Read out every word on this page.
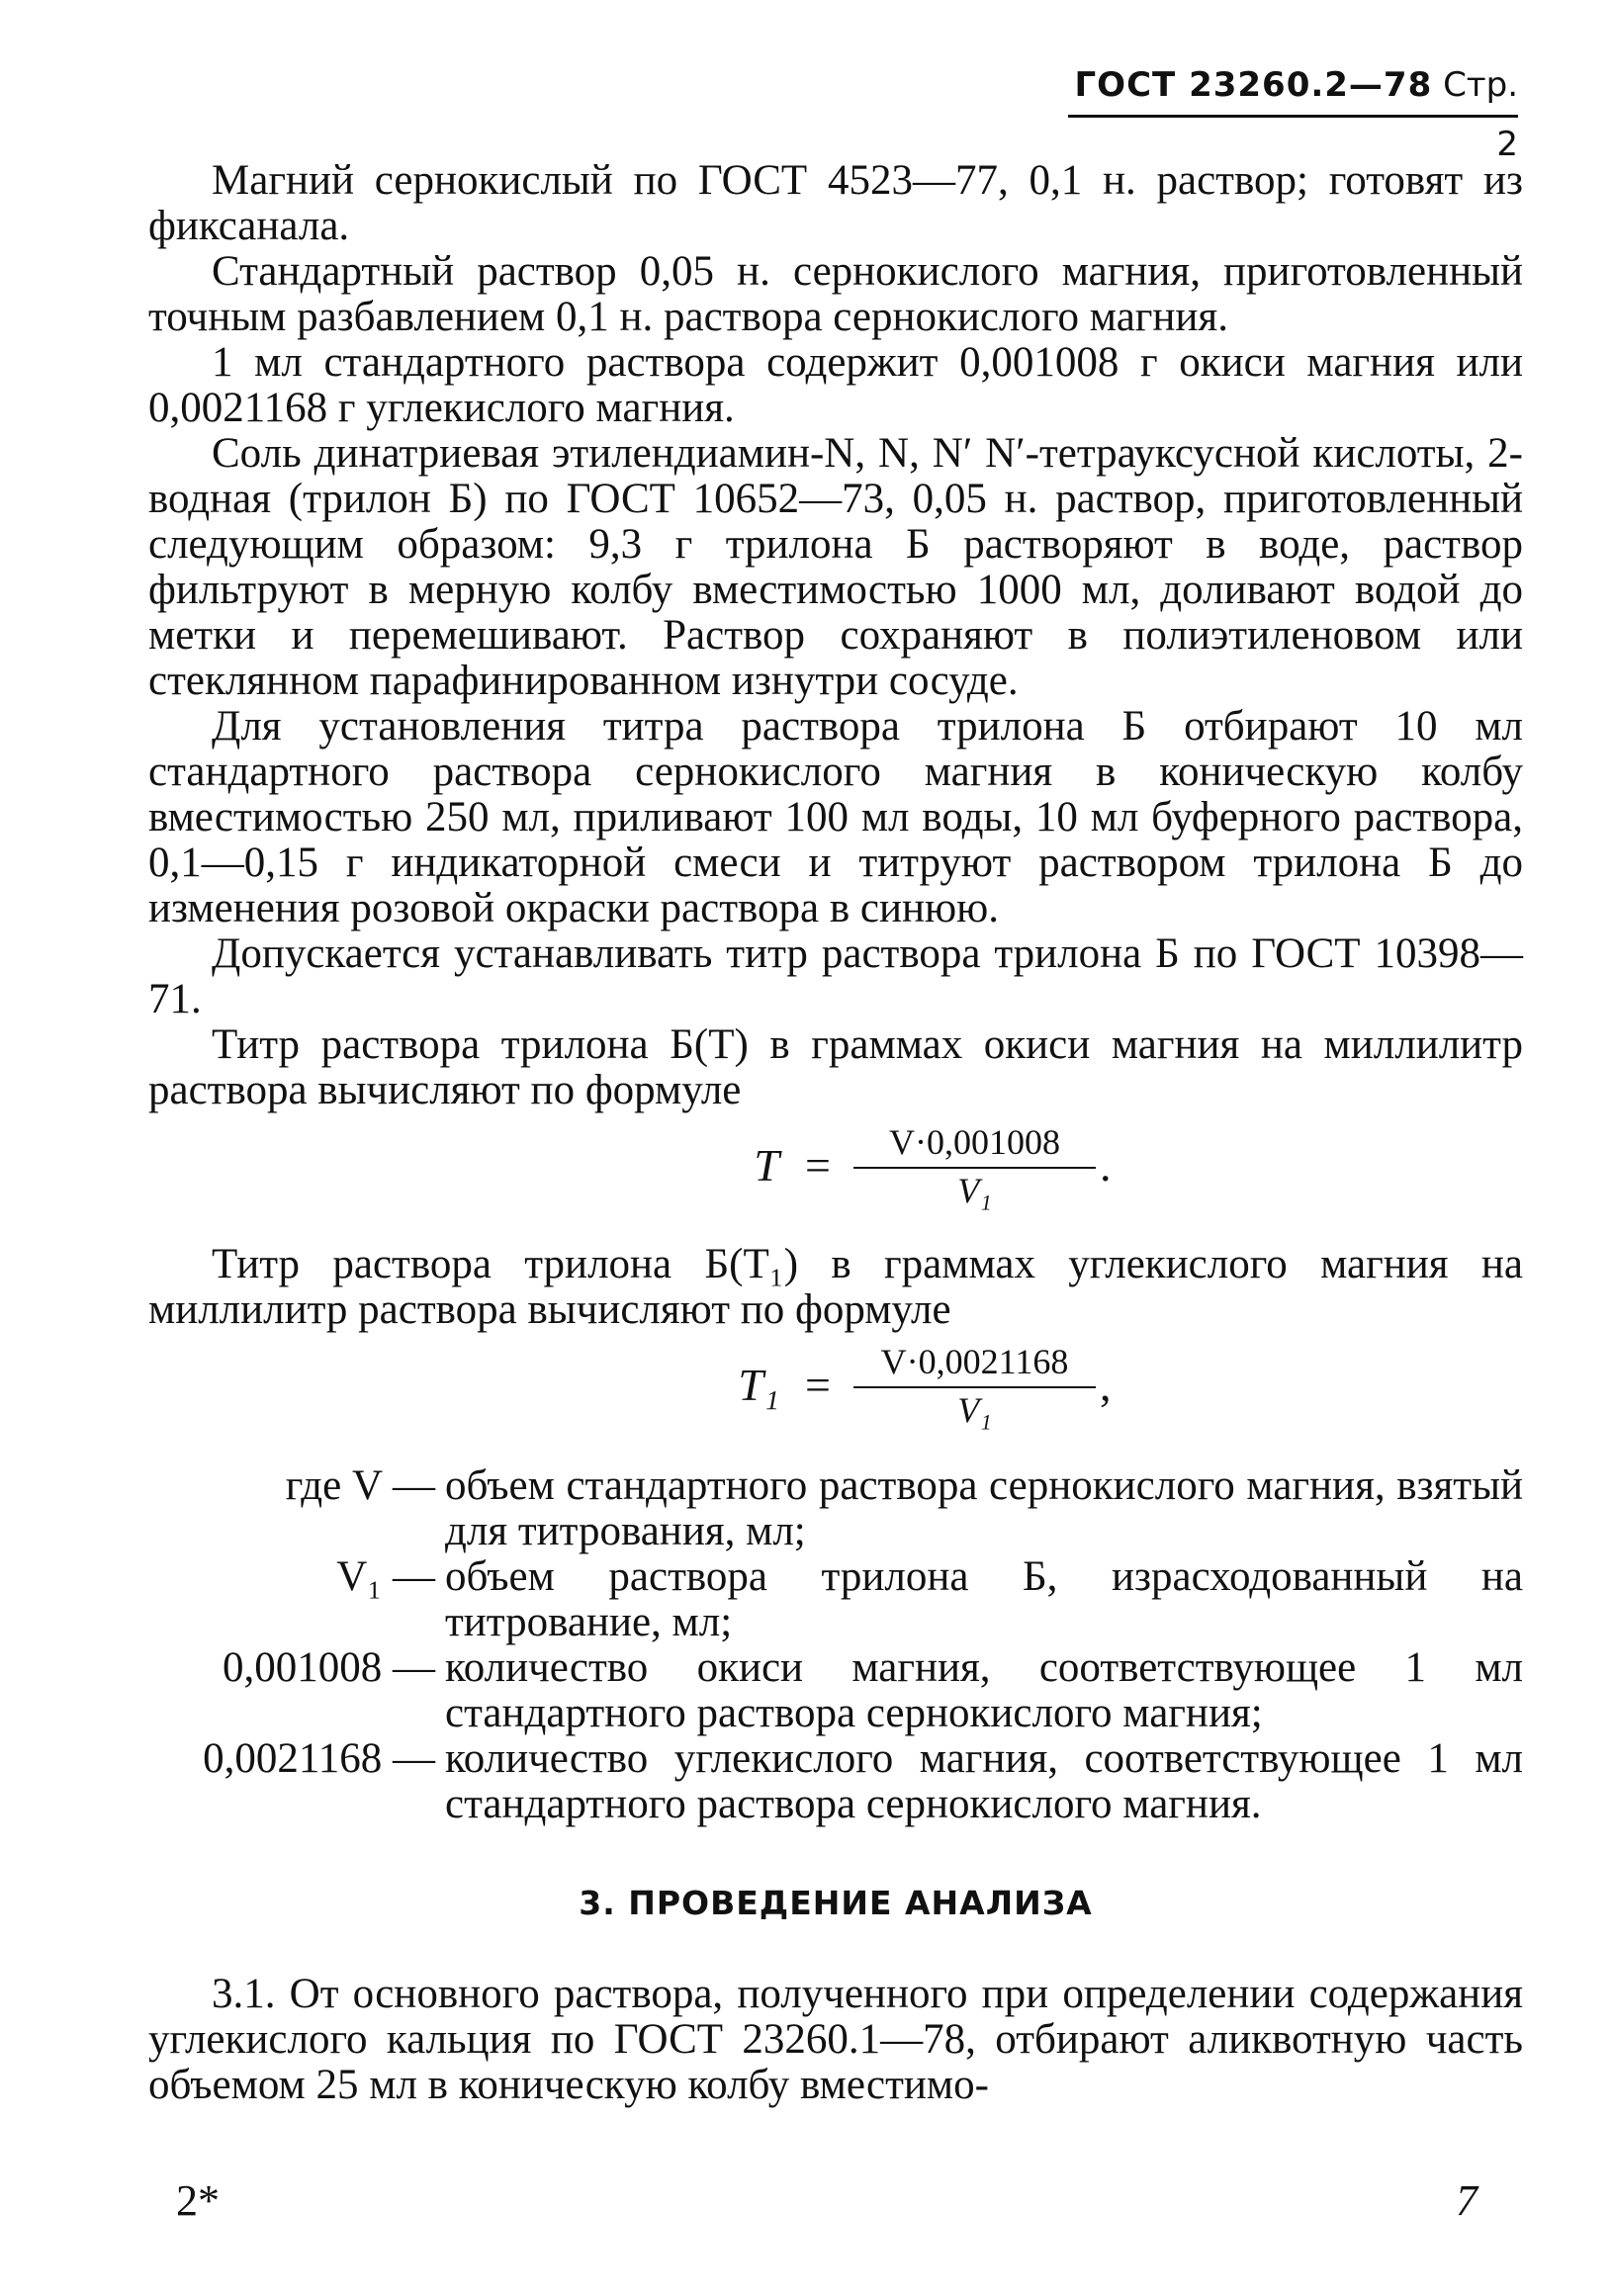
ГОСТ 23260.2—78 Стр. 2

Магний сернокислый по ГОСТ 4523—77, 0,1 н. раствор; готовят из фиксанала.

Стандартный раствор 0,05 н. сернокислого магния, приготовленный точным разбавлением 0,1 н. раствора сернокислого магния.

1 мл стандартного раствора содержит 0,001008 г окиси магния или 0,0021168 г углекислого магния.

Соль динатриевая этилендиамин-N, N, N′ N′-тетрауксусной кислоты, 2-водная (трилон Б) по ГОСТ 10652—73, 0,05 н. раствор, приготовленный следующим образом: 9,3 г трилона Б растворяют в воде, раствор фильтруют в мерную колбу вместимостью 1000 мл, доливают водой до метки и перемешивают. Раствор сохраняют в полиэтиленовом или стеклянном парафинированном изнутри сосуде.

Для установления титра раствора трилона Б отбирают 10 мл стандартного раствора сернокислого магния в коническую колбу вместимостью 250 мл, приливают 100 мл воды, 10 мл буферного раствора, 0,1—0,15 г индикаторной смеси и титруют раствором трилона Б до изменения розовой окраски раствора в синюю.

Допускается устанавливать титр раствора трилона Б по ГОСТ 10398—71.

Титр раствора трилона Б(T) в граммах окиси магния на миллилитр раствора вычисляют по формуле

$T = \frac{V\cdot 0,001008}{\text{V₁}}$ .

Титр раствора трилона Б(T₁) в граммах углекислого магния на миллилитр раствора вычисляют по формуле

$T_1 = \frac{V\cdot 0,0021168}{\text{V₁}}$ ,
где V — объем стандартного раствора сернокислого магния, взятый для титрования, мл;
V₁ — объем раствора трилона Б, израсходованный на титрование, мл;
0,001008 — количество окиси магния, соответствующее 1 мл стандартного раствора сернокислого магния;
0,0021168 — количество углекислого магния, соответствующее 1 мл стандартного раствора сернокислого магния.
3. ПРОВЕДЕНИЕ АНАЛИЗА

3.1. От основного раствора, полученного при определении содержания углекислого кальция по ГОСТ 23260.1—78, отбирают аликвотную часть объемом 25 мл в коническую колбу вместимо-

2*	7
